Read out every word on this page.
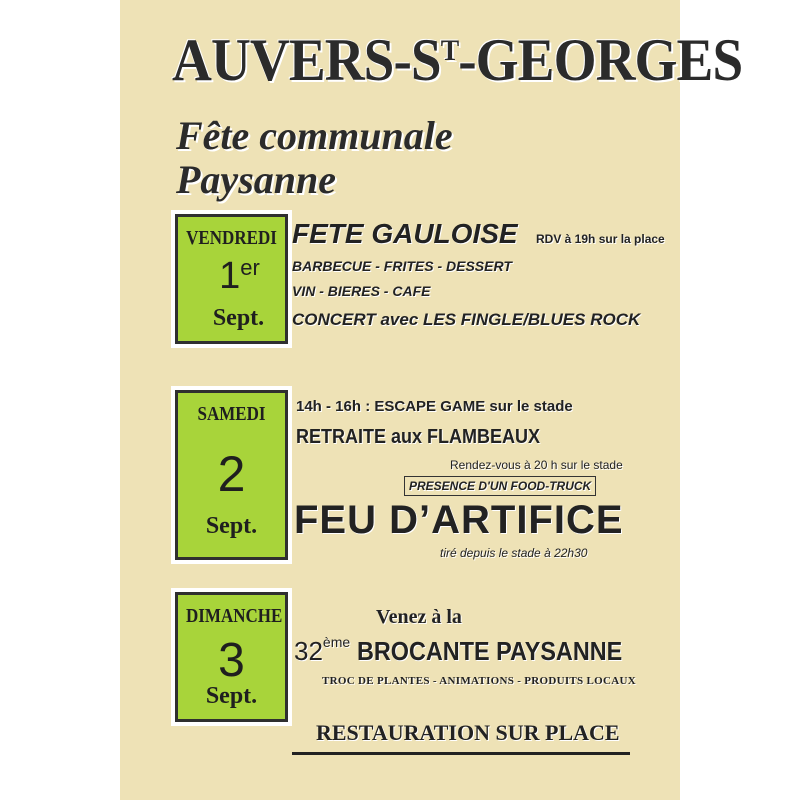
AUVERS-$S^T$-GEORGES
Fête communale
Paysanne
VENDREDI
1er
Sept.
FETE GAULOISE RDV à 19h sur la place
BARBECUE - FRITES - DESSERT
VIN - BIERES - CAFE
CONCERT avec LES FINGLE/BLUES ROCK
SAMEDI
2
Sept.
14h - 16h : ESCAPE GAME sur le stade
RETRAITE aux FLAMBEAUX
Rendez-vous à 20 h sur le stade
PRESENCE D'UN FOOD-TRUCK
FEU D’ARTIFICE
tiré depuis le stade à 22h30
DIMANCHE
3
Sept.
Venez à la
32ème BROCANTE PAYSANNE
TROC DE PLANTES - ANIMATIONS - PRODUITS LOCAUX
RESTAURATION SUR PLACE
